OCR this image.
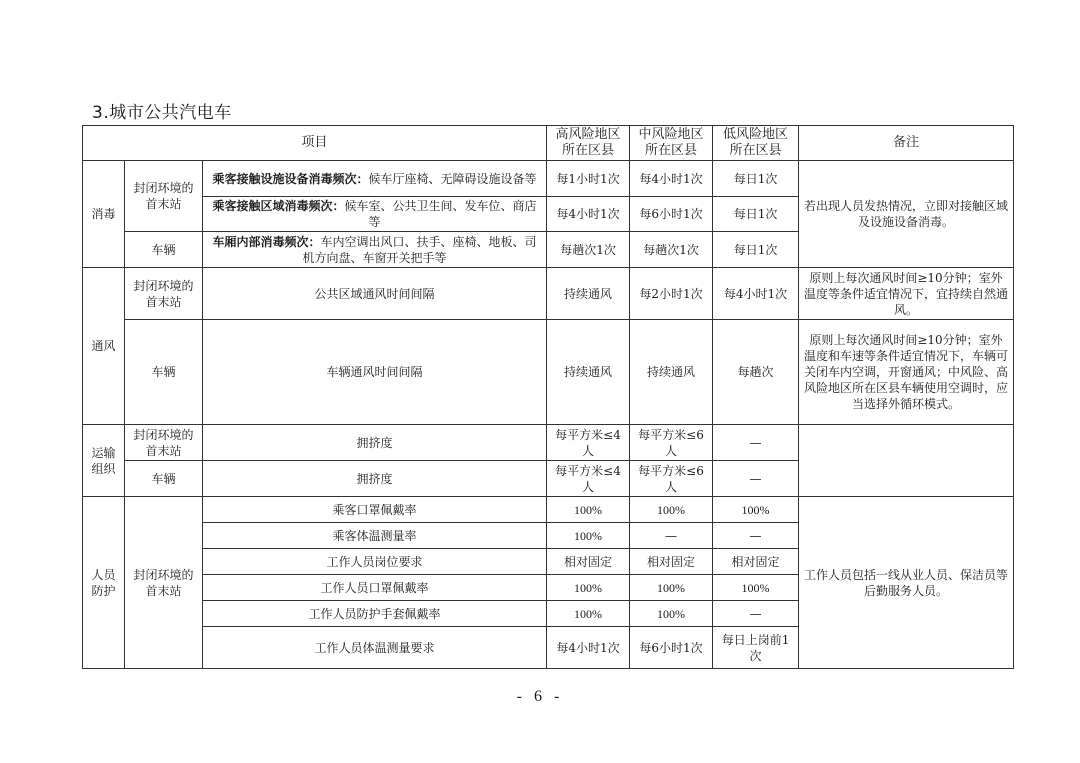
3.城市公共汽电车
项目			高风险地区所在区县	中风险地区所在区县	低风险地区所在区县	备注
消毒	封闭环境的首末站	乘客接触设施设备消毒频次：候车厅座椅、无障碍设施设备等	每1小时1次	每4小时1次	每日1次	若出现人员发热情况，立即对接触区域及设施设备消毒。
		乘客接触区域消毒频次：候车室、公共卫生间、发车位、商店等	每4小时1次	每6小时1次	每日1次	
	车辆	车厢内部消毒频次：车内空调出风口、扶手、座椅、地板、司机方向盘、车窗开关把手等	每趟次1次	每趟次1次	每日1次	
通风	封闭环境的首末站	公共区域通风时间间隔	持续通风	每2小时1次	每4小时1次	原则上每次通风时间≥10分钟；室外温度等条件适宜情况下，宜持续自然通风。
	车辆	车辆通风时间间隔	持续通风	持续通风	每趟次	原则上每次通风时间≥10分钟；室外温度和车速等条件适宜情况下，车辆可关闭车内空调，开窗通风；中风险、高风险地区所在区县车辆使用空调时，应当选择外循环模式。
运输组织	封闭环境的首末站	拥挤度	每平方米≤4人	每平方米≤6人	—	
	车辆	拥挤度	每平方米≤4人	每平方米≤6人	—	
人员防护	封闭环境的首末站	乘客口罩佩戴率	100%	100%	100%	工作人员包括一线从业人员、保洁员等后勤服务人员。
		乘客体温测量率	100%	—	—	
		工作人员岗位要求	相对固定	相对固定	相对固定	
		工作人员口罩佩戴率	100%	100%	100%	
		工作人员防护手套佩戴率	100%	100%	—	
		工作人员体温测量要求	每4小时1次	每6小时1次	每日上岗前1次	
- 6 -
